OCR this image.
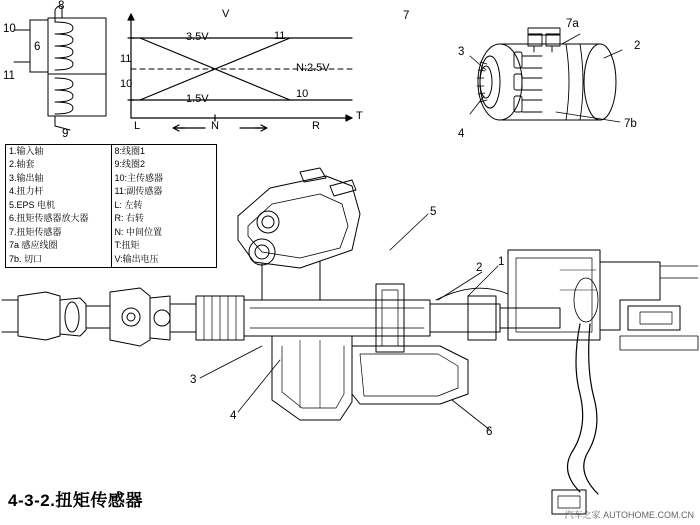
V
T
3.5V
1.5V
N:2.5V
L	N	R
11
10
11
10
10
11
6
9
8
7
7a
7b
3	2
4
1
2
3
4
5
6
1.输入轴
2.轴套
3.输出轴
4.扭力杆
5.EPS 电机
6.扭矩传感器放大器
7.扭矩传感器
7a 感应线圈
7b. 切口
8:线圈1
9:线圈2
10:主传感器
11:副传感器
L: 左转
R: 右转
N: 中间位置
T:扭矩
V:输出电压
4-3-2.扭矩传感器
汽车之家 AUTOHOME.COM.CN
